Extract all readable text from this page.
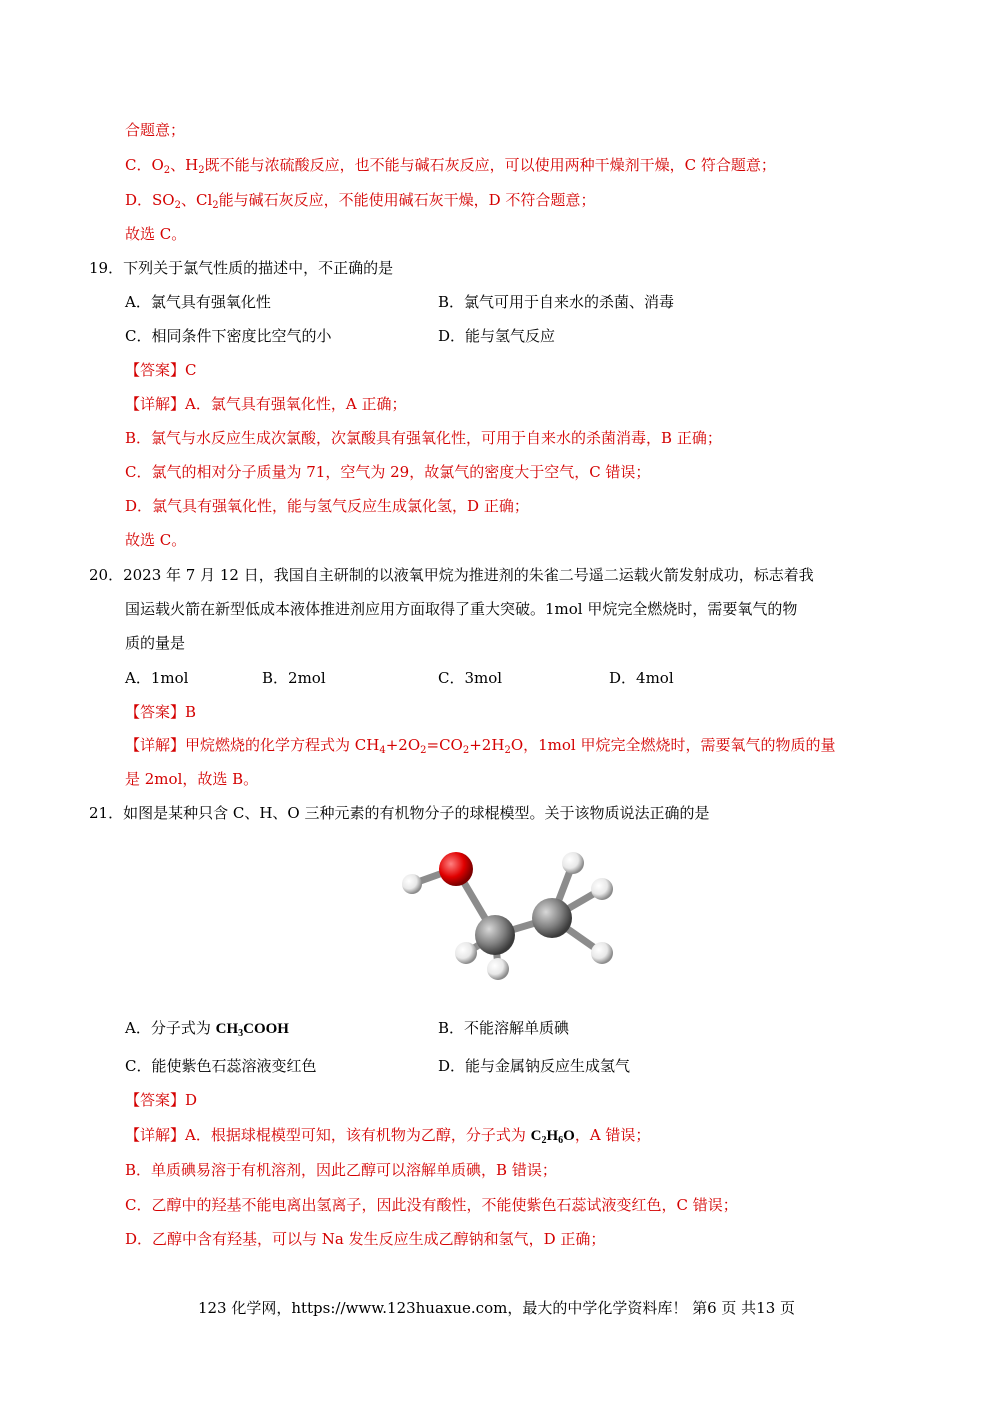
合题意；
C．$O_2$、$H_2$既不能与浓硫酸反应，也不能与碱石灰反应，可以使用两种干燥剂干燥，C 符合题意；
D．$SO_2$、$Cl_2$能与碱石灰反应，不能使用碱石灰干燥，D 不符合题意；
故选 C。
19．下列关于氯气性质的描述中，不正确的是
A．氯气具有强氧化性	B．氯气可用于自来水的杀菌、消毒
C．相同条件下密度比空气的小	D．能与氢气反应
【答案】C
【详解】A．氯气具有强氧化性，A 正确；
B．氯气与水反应生成次氯酸，次氯酸具有强氧化性，可用于自来水的杀菌消毒，B 正确；
C．氯气的相对分子质量为 71，空气为 29，故氯气的密度大于空气，C 错误；
D．氯气具有强氧化性，能与氢气反应生成氯化氢，D 正确；
故选 C。
20．2023 年 7 月 12 日，我国自主研制的以液氧甲烷为推进剂的朱雀二号遥二运载火箭发射成功，标志着我
国运载火箭在新型低成本液体推进剂应用方面取得了重大突破。1mol 甲烷完全燃烧时，需要氧气的物
质的量是
A．1mol	B．2mol	C．3mol	D．4mol
【答案】B
【详解】甲烷燃烧的化学方程式为 $CH_4+2O_2=CO_2+2H_2O$，1mol 甲烷完全燃烧时，需要氧气的物质的量
是 2mol，故选 B。
21．如图是某种只含 C、H、O 三种元素的有机物分子的球棍模型。关于该物质说法正确的是
A．分子式为 $CH_3COOH$	B．不能溶解单质碘
C．能使紫色石蕊溶液变红色	D．能与金属钠反应生成氢气
【答案】D
【详解】A．根据球棍模型可知，该有机物为乙醇，分子式为 $C_2H_6O$，A 错误；
B．单质碘易溶于有机溶剂，因此乙醇可以溶解单质碘，B 错误；
C．乙醇中的羟基不能电离出氢离子，因此没有酸性，不能使紫色石蕊试液变红色，C 错误；
D．乙醇中含有羟基，可以与 Na 发生反应生成乙醇钠和氢气，D 正确；
123 化学网，https://www.123huaxue.com，最大的中学化学资料库！ 第6 页 共13 页
